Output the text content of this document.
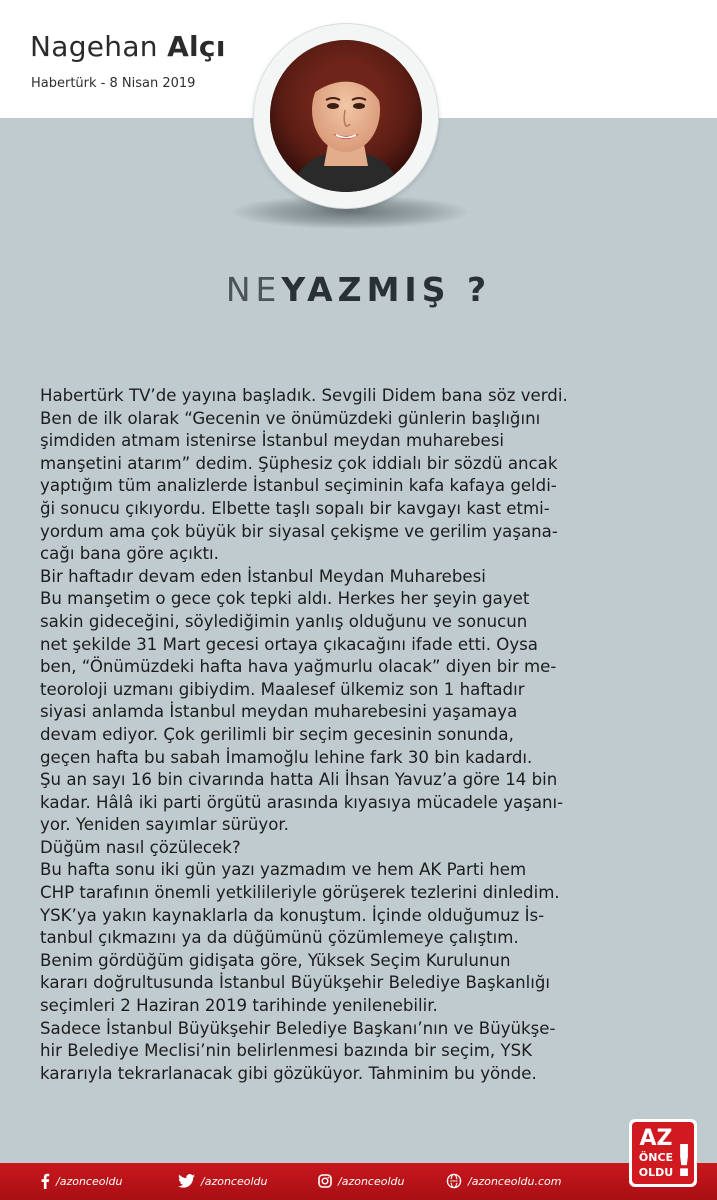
Nagehan Alçı
Habertürk - 8 Nisan 2019
NEYAZMIŞ ?
Habertürk TV’de yayına başladık. Sevgili Didem bana söz verdi.
Ben de ilk olarak “Gecenin ve önümüzdeki günlerin başlığını
şimdiden atmam istenirse İstanbul meydan muharebesi
manşetini atarım” dedim. Şüphesiz çok iddialı bir sözdü ancak
yaptığım tüm analizlerde İstanbul seçiminin kafa kafaya geldi-
ği sonucu çıkıyordu. Elbette taşlı sopalı bir kavgayı kast etmi-
yordum ama çok büyük bir siyasal çekişme ve gerilim yaşana-
cağı bana göre açıktı.
Bir haftadır devam eden İstanbul Meydan Muharebesi
Bu manşetim o gece çok tepki aldı. Herkes her şeyin gayet
sakin gideceğini, söylediğimin yanlış olduğunu ve sonucun
net şekilde 31 Mart gecesi ortaya çıkacağını ifade etti. Oysa
ben, “Önümüzdeki hafta hava yağmurlu olacak” diyen bir me-
teoroloji uzmanı gibiydim. Maalesef ülkemiz son 1 haftadır
siyasi anlamda İstanbul meydan muharebesini yaşamaya
devam ediyor. Çok gerilimli bir seçim gecesinin sonunda,
geçen hafta bu sabah İmamoğlu lehine fark 30 bin kadardı.
Şu an sayı 16 bin civarında hatta Ali İhsan Yavuz’a göre 14 bin
kadar. Hâlâ iki parti örgütü arasında kıyasıya mücadele yaşanı-
yor. Yeniden sayımlar sürüyor.
Düğüm nasıl çözülecek?
Bu hafta sonu iki gün yazı yazmadım ve hem AK Parti hem
CHP tarafının önemli yetkilileriyle görüşerek tezlerini dinledim.
YSK’ya yakın kaynaklarla da konuştum. İçinde olduğumuz İs-
tanbul çıkmazını ya da düğümünü çözümlemeye çalıştım.
Benim gördüğüm gidişata göre, Yüksek Seçim Kurulunun
kararı doğrultusunda İstanbul Büyükşehir Belediye Başkanlığı
seçimleri 2 Haziran 2019 tarihinde yenilenebilir.
Sadece İstanbul Büyükşehir Belediye Başkanı’nın ve Büyükşe-
hir Belediye Meclisi’nin belirlenmesi bazında bir seçim, YSK
kararıyla tekrarlanacak gibi gözüküyor. Tahminim bu yönde.
/azonceoldu	/azonceoldu	/azonceoldu	www /azonceoldu.com
AZ
ÖNCE
OLDU !
